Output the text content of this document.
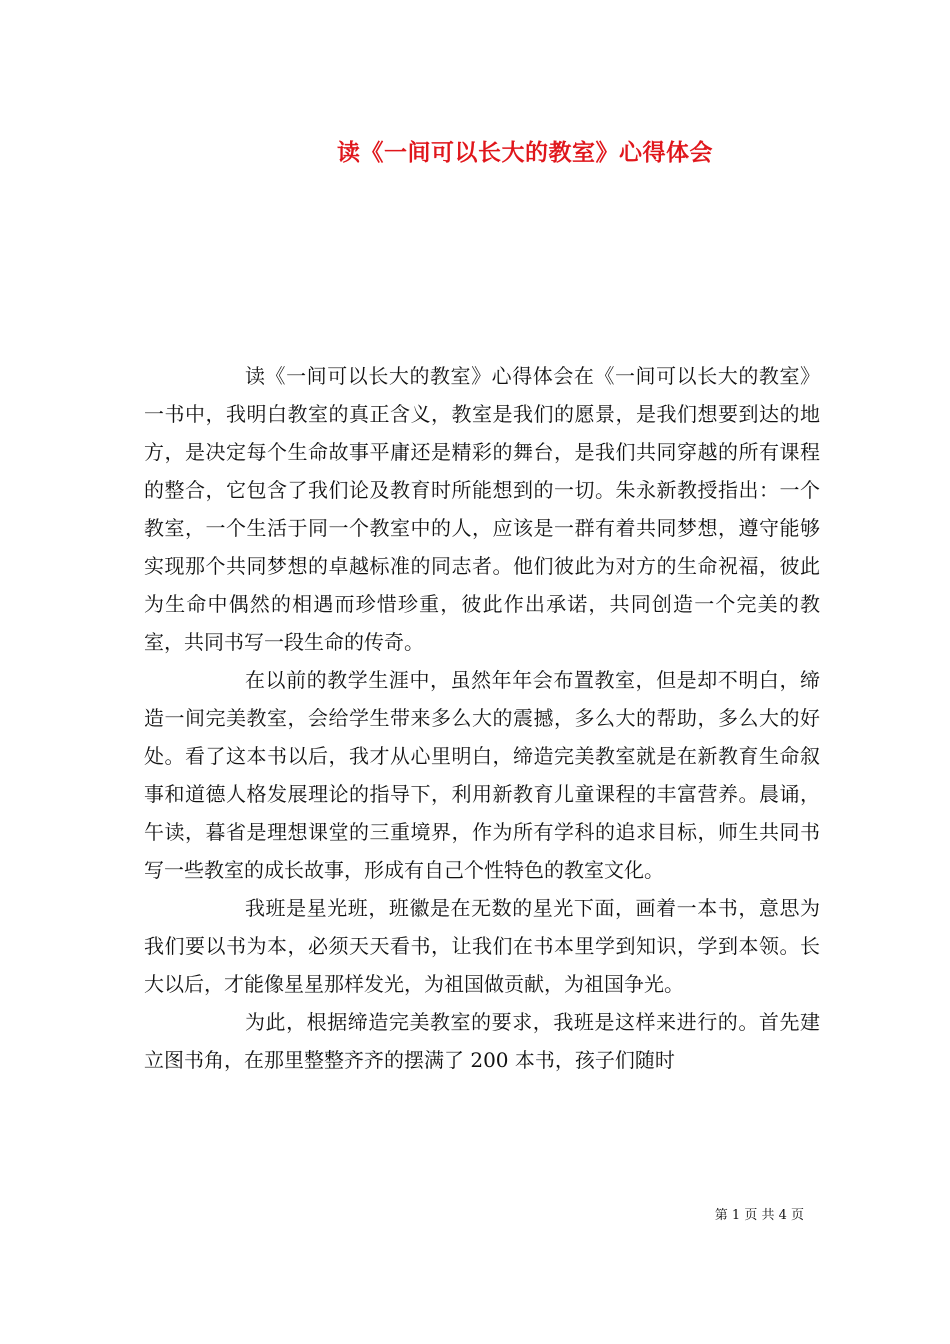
读《一间可以长大的教室》心得体会

读《一间可以长大的教室》心得体会在《一间可以长大的教室》一书中，我明白教室的真正含义，教室是我们的愿景，是我们想要到达的地方，是决定每个生命故事平庸还是精彩的舞台，是我们共同穿越的所有课程的整合，它包含了我们论及教育时所能想到的一切。朱永新教授指出：一个教室，一个生活于同一个教室中的人，应该是一群有着共同梦想，遵守能够实现那个共同梦想的卓越标准的同志者。他们彼此为对方的生命祝福，彼此为生命中偶然的相遇而珍惜珍重，彼此作出承诺，共同创造一个完美的教室，共同书写一段生命的传奇。

在以前的教学生涯中，虽然年年会布置教室，但是却不明白，缔造一间完美教室，会给学生带来多么大的震撼，多么大的帮助，多么大的好处。看了这本书以后，我才从心里明白，缔造完美教室就是在新教育生命叙事和道德人格发展理论的指导下，利用新教育儿童课程的丰富营养。晨诵，午读，暮省是理想课堂的三重境界，作为所有学科的追求目标，师生共同书写一些教室的成长故事，形成有自己个性特色的教室文化。

我班是星光班，班徽是在无数的星光下面，画着一本书，意思为我们要以书为本，必须天天看书，让我们在书本里学到知识，学到本领。长大以后，才能像星星那样发光，为祖国做贡献，为祖国争光。

为此，根据缔造完美教室的要求，我班是这样来进行的。首先建立图书角，在那里整整齐齐的摆满了 200 本书，孩子们随时

第 1 页 共 4 页
